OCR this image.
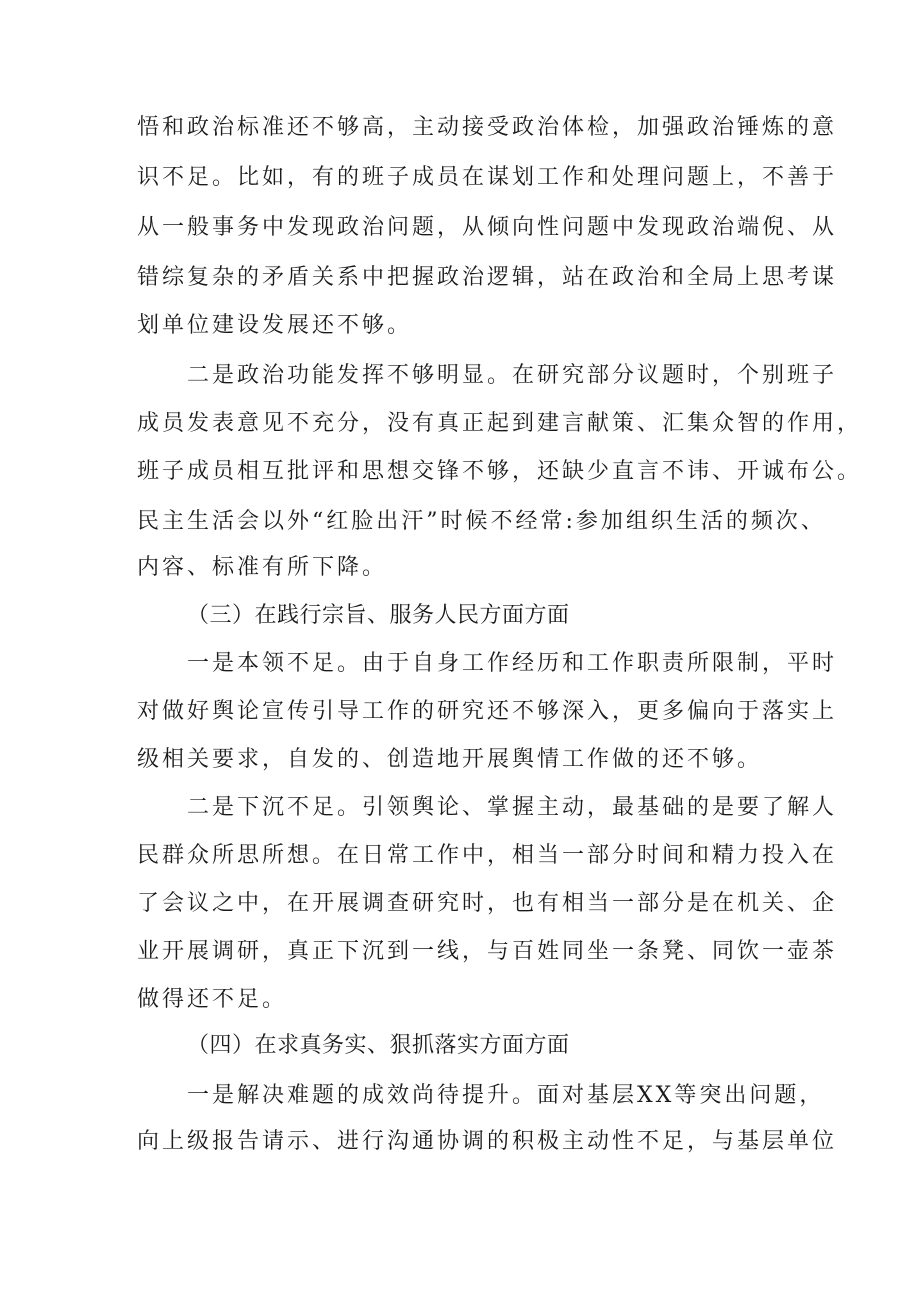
悟和政治标准还不够高，主动接受政治体检，加强政治锤炼的意
识不足。比如，有的班子成员在谋划工作和处理问题上，不善于
从一般事务中发现政治问题，从倾向性问题中发现政治端倪、从
错综复杂的矛盾关系中把握政治逻辑，站在政治和全局上思考谋
划单位建设发展还不够。
二是政治功能发挥不够明显。在研究部分议题时，个别班子
成员发表意见不充分，没有真正起到建言献策、汇集众智的作用，
班子成员相互批评和思想交锋不够，还缺少直言不讳、开诚布公。
民主生活会以外“红脸出汗”时候不经常:参加组织生活的频次、
内容、标准有所下降。
（三）在践行宗旨、服务人民方面方面
一是本领不足。由于自身工作经历和工作职责所限制，平时
对做好舆论宣传引导工作的研究还不够深入，更多偏向于落实上
级相关要求，自发的、创造地开展舆情工作做的还不够。
二是下沉不足。引领舆论、掌握主动，最基础的是要了解人
民群众所思所想。在日常工作中，相当一部分时间和精力投入在
了会议之中，在开展调查研究时，也有相当一部分是在机关、企
业开展调研，真正下沉到一线，与百姓同坐一条凳、同饮一壶茶
做得还不足。
（四）在求真务实、狠抓落实方面方面
一是解决难题的成效尚待提升。面对基层XX等突出问题，
向上级报告请示、进行沟通协调的积极主动性不足，与基层单位
